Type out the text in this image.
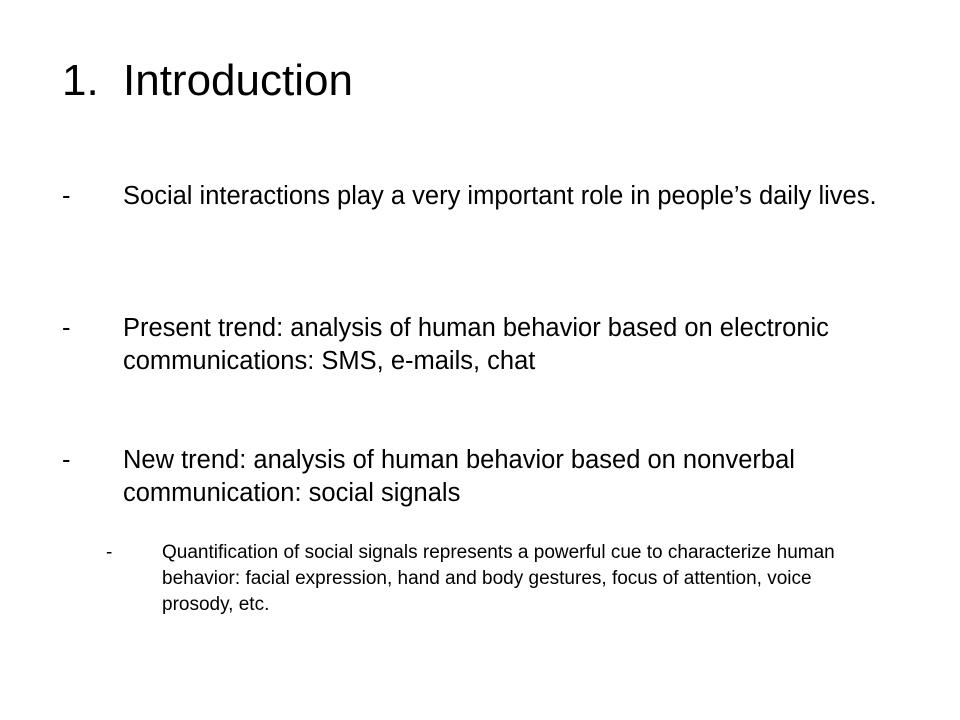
1. Introduction
-	Social interactions play a very important role in people’s daily lives.
-	Present trend: analysis of human behavior based on electronic communications: SMS, e-mails, chat
-	New trend: analysis of human behavior based on nonverbal communication: social signals
-	Quantification of social signals represents a powerful cue to characterize human behavior: facial expression, hand and body gestures, focus of attention, voice prosody, etc.
